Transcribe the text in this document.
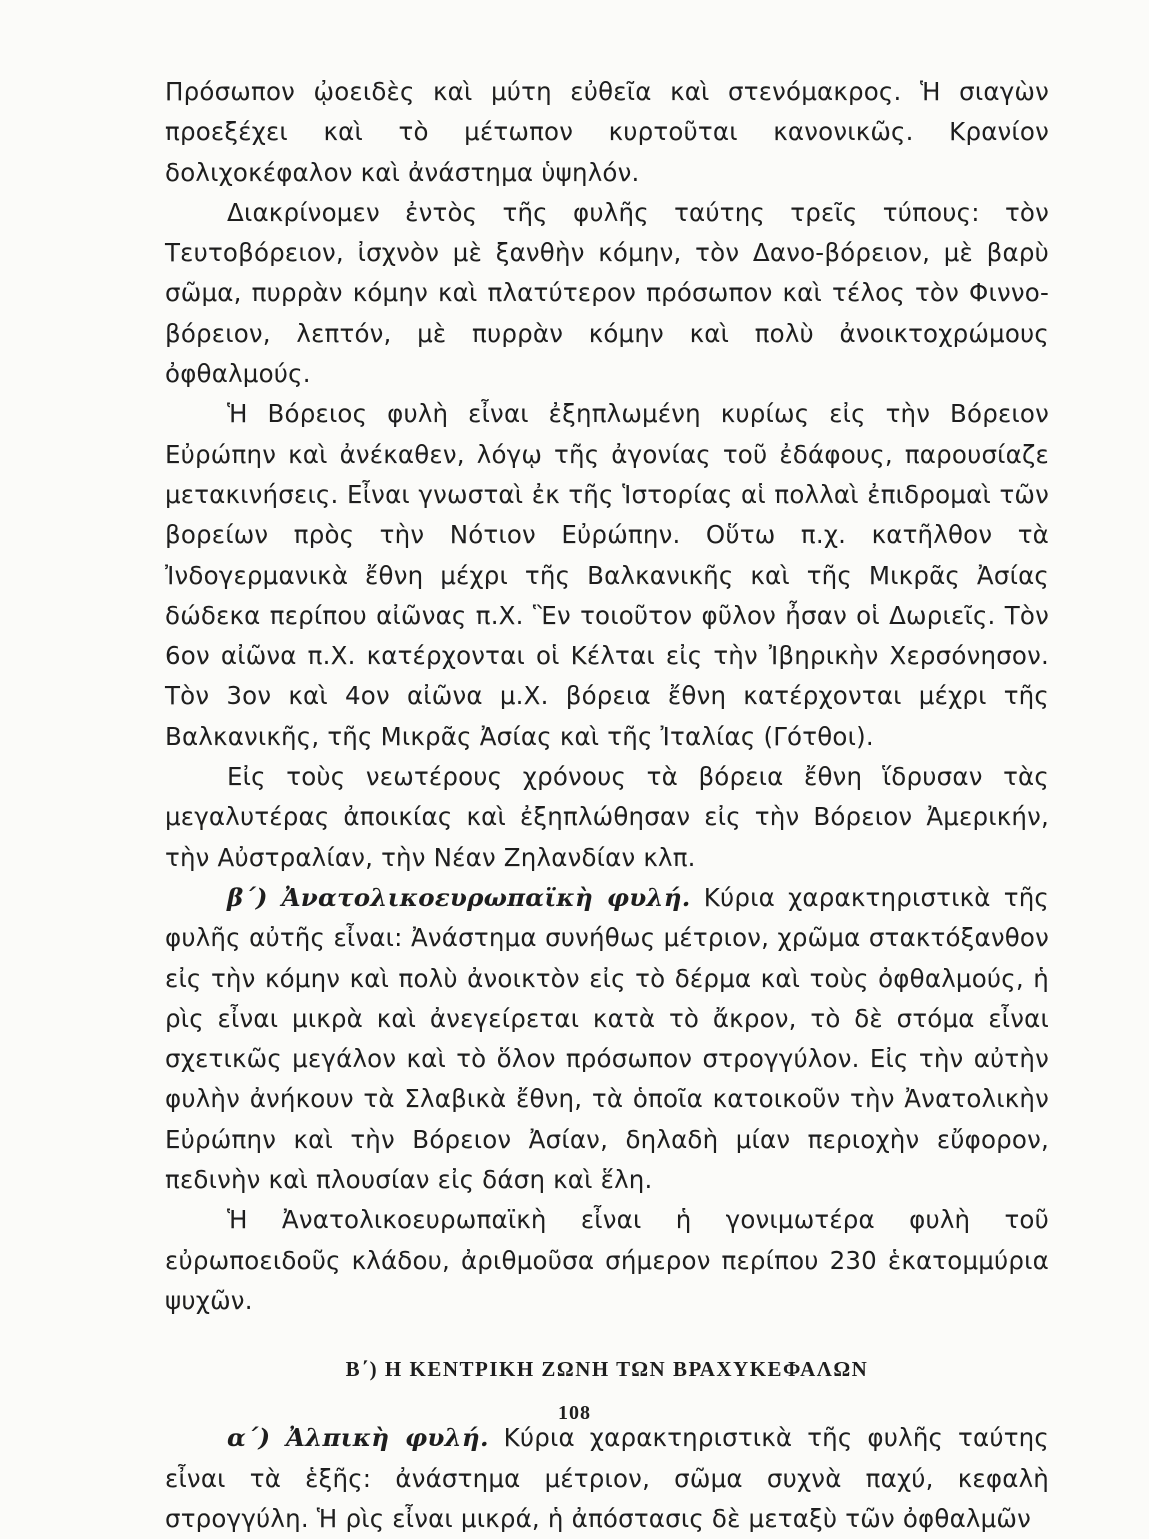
Πρόσωπον ᾠοειδὲς καὶ μύτη εὐθεῖα καὶ στενόμακρος. Ἡ σιαγὼν προεξέχει καὶ τὸ μέτωπον κυρτοῦται κανονικῶς. Κρανίον δολιχοκέφαλον καὶ ἀνάστημα ὑψηλόν.

Διακρίνομεν ἐντὸς τῆς φυλῆς ταύτης τρεῖς τύπους: τὸν Τευτοβόρειον, ἰσχνὸν μὲ ξανθὴν κόμην, τὸν Δανο-βόρειον, μὲ βαρὺ σῶμα, πυρρὰν κόμην καὶ πλατύτερον πρόσωπον καὶ τέλος τὸν Φιννο-βόρειον, λεπτόν, μὲ πυρρὰν κόμην καὶ πολὺ ἀνοικτοχρώμους ὀφθαλμούς.

Ἡ Βόρειος φυλὴ εἶναι ἐξηπλωμένη κυρίως εἰς τὴν Βόρειον Εὐρώπην καὶ ἀνέκαθεν, λόγῳ τῆς ἀγονίας τοῦ ἐδάφους, παρουσίαζε μετακινήσεις. Εἶναι γνωσταὶ ἐκ τῆς Ἱστορίας αἱ πολλαὶ ἐπιδρομαὶ τῶν βορείων πρὸς τὴν Νότιον Εὐρώπην. Οὕτω π.χ. κατῆλθον τὰ Ἰνδογερμανικὰ ἔθνη μέχρι τῆς Βαλκανικῆς καὶ τῆς Μικρᾶς Ἀσίας δώδεκα περίπου αἰῶνας π.Χ. Ἓν τοιοῦτον φῦλον ἦσαν οἱ Δωριεῖς. Τὸν 6ον αἰῶνα π.Χ. κατέρχονται οἱ Κέλται εἰς τὴν Ἰβηρικὴν Χερσόνησον. Τὸν 3ον καὶ 4ον αἰῶνα μ.Χ. βόρεια ἔθνη κατέρχονται μέχρι τῆς Βαλκανικῆς, τῆς Μικρᾶς Ἀσίας καὶ τῆς Ἰταλίας (Γότθοι).

Εἰς τοὺς νεωτέρους χρόνους τὰ βόρεια ἔθνη ἵδρυσαν τὰς μεγαλυτέρας ἀποικίας καὶ ἐξηπλώθησαν εἰς τὴν Βόρειον Ἀμερικήν, τὴν Αὐστραλίαν, τὴν Νέαν Ζηλανδίαν κλπ.

β΄) Ἀνατολικοευρωπαϊκὴ φυλή. Κύρια χαρακτηριστικὰ τῆς φυλῆς αὐτῆς εἶναι: Ἀνάστημα συνήθως μέτριον, χρῶμα στακτόξανθον εἰς τὴν κόμην καὶ πολὺ ἀνοικτὸν εἰς τὸ δέρμα καὶ τοὺς ὀφθαλμούς, ἡ ρὶς εἶναι μικρὰ καὶ ἀνεγείρεται κατὰ τὸ ἄκρον, τὸ δὲ στόμα εἶναι σχετικῶς μεγάλον καὶ τὸ ὅλον πρόσωπον στρογγύλον. Εἰς τὴν αὐτὴν φυλὴν ἀνήκουν τὰ Σλαβικὰ ἔθνη, τὰ ὁποῖα κατοικοῦν τὴν Ἀνατολικὴν Εὐρώπην καὶ τὴν Βόρειον Ἀσίαν, δηλαδὴ μίαν περιοχὴν εὔφορον, πεδινὴν καὶ πλουσίαν εἰς δάση καὶ ἕλη.

Ἡ Ἀνατολικοευρωπαϊκὴ εἶναι ἡ γονιμωτέρα φυλὴ τοῦ εὐρωποειδοῦς κλάδου, ἀριθμοῦσα σήμερον περίπου 230 ἑκατομμύρια ψυχῶν.

Β΄) Η ΚΕΝΤΡΙΚΗ ΖΩΝΗ ΤΩΝ ΒΡΑΧΥΚΕΦΑΛΩΝ

α΄) Ἀλπικὴ φυλή. Κύρια χαρακτηριστικὰ τῆς φυλῆς ταύτης εἶναι τὰ ἑξῆς: ἀνάστημα μέτριον, σῶμα συχνὰ παχύ, κεφαλὴ στρογγύλη. Ἡ ρὶς εἶναι μικρά, ἡ ἀπόστασις δὲ μεταξὺ τῶν ὀφθαλμῶν

108
